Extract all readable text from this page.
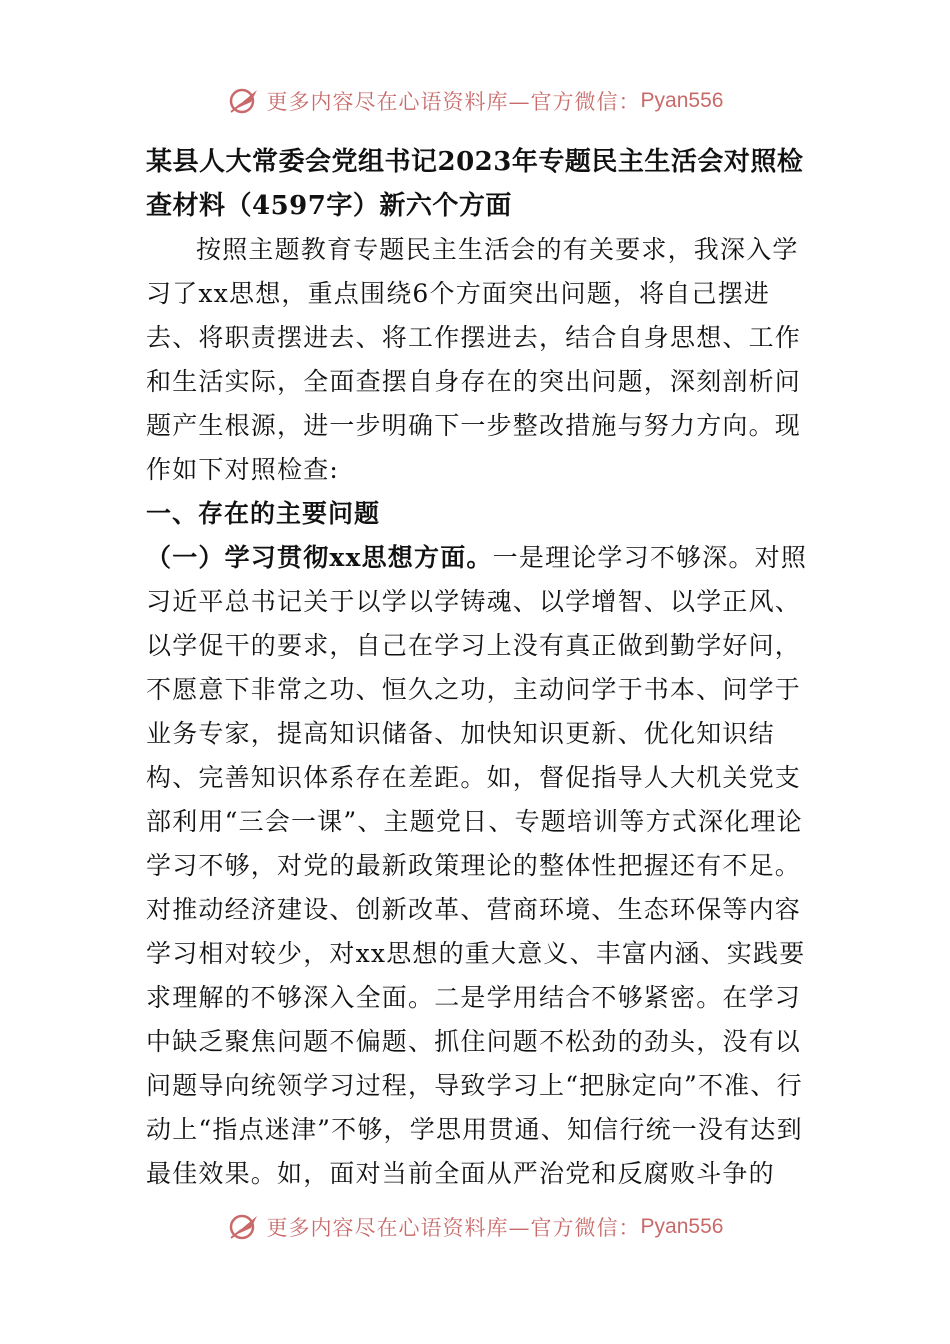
更多内容尽在心语资料库—官方微信： Pyan556

某县人大常委会党组书记2023年专题民主生活会对照检查材料（4597字）新六个方面

按照主题教育专题民主生活会的有关要求，我深入学习了xx思想，重点围绕6个方面突出问题，将自己摆进去、将职责摆进去、将工作摆进去，结合自身思想、工作和生活实际，全面查摆自身存在的突出问题，深刻剖析问题产生根源，进一步明确下一步整改措施与努力方向。现作如下对照检查:

一、存在的主要问题

（一）学习贯彻xx思想方面。一是理论学习不够深。对照习近平总书记关于以学以学铸魂、以学增智、以学正风、以学促干的要求，自己在学习上没有真正做到勤学好问，不愿意下非常之功、恒久之功，主动问学于书本、问学于业务专家，提高知识储备、加快知识更新、优化知识结构、完善知识体系存在差距。如，督促指导人大机关党支部利用“三会一课”、主题党日、专题培训等方式深化理论学习不够，对党的最新政策理论的整体性把握还有不足。对推动经济建设、创新改革、营商环境、生态环保等内容学习相对较少，对xx思想的重大意义、丰富内涵、实践要求理解的不够深入全面。二是学用结合不够紧密。在学习中缺乏聚焦问题不偏题、抓住问题不松劲的劲头，没有以问题导向统领学习过程，导致学习上“把脉定向”不准、行动上“指点迷津”不够，学思用贯通、知信行统一没有达到最佳效果。如，面对当前全面从严治党和反腐败斗争的

更多内容尽在心语资料库—官方微信： Pyan556
